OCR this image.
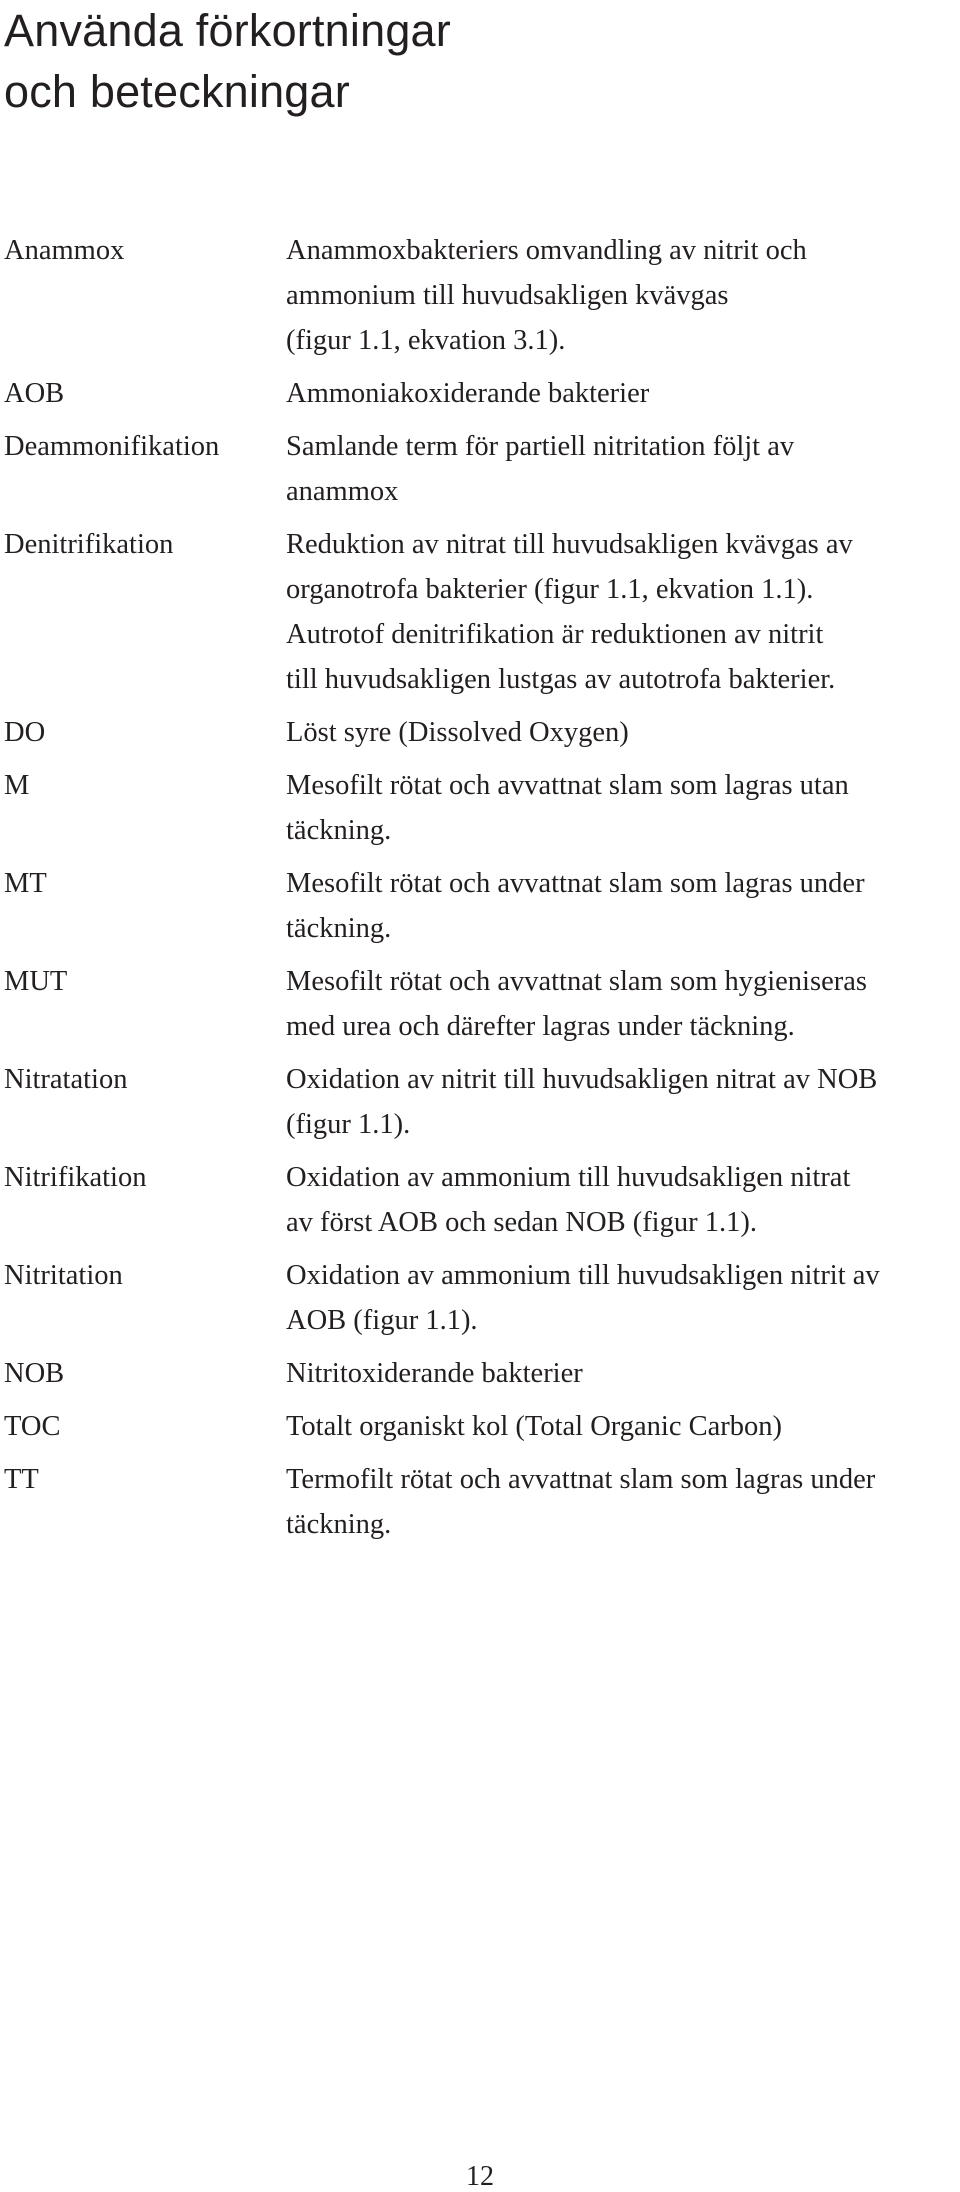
Använda förkortningar
och beteckningar
Anammox	Anammoxbakteriers omvandling av nitrit och
ammonium till huvudsakligen kvävgas
(figur 1.1, ekvation 3.1).
AOB	Ammoniakoxiderande bakterier
Deammonifikation	Samlande term för partiell nitritation följt av
anammox
Denitrifikation	Reduktion av nitrat till huvudsakligen kvävgas av
organotrofa bakterier (figur 1.1, ekvation 1.1).
Autrotof denitrifikation är reduktionen av nitrit
till huvudsakligen lustgas av autotrofa bakterier.
DO	Löst syre (Dissolved Oxygen)
M	Mesofilt rötat och avvattnat slam som lagras utan
täckning.
MT	Mesofilt rötat och avvattnat slam som lagras under
täckning.
MUT	Mesofilt rötat och avvattnat slam som hygieniseras
med urea och därefter lagras under täckning.
Nitratation	Oxidation av nitrit till huvudsakligen nitrat av NOB
(figur 1.1).
Nitrifikation	Oxidation av ammonium till huvudsakligen nitrat
av först AOB och sedan NOB (figur 1.1).
Nitritation	Oxidation av ammonium till huvudsakligen nitrit av
AOB (figur 1.1).
NOB	Nitritoxiderande bakterier
TOC	Totalt organiskt kol (Total Organic Carbon)
TT	Termofilt rötat och avvattnat slam som lagras under
täckning.
12
